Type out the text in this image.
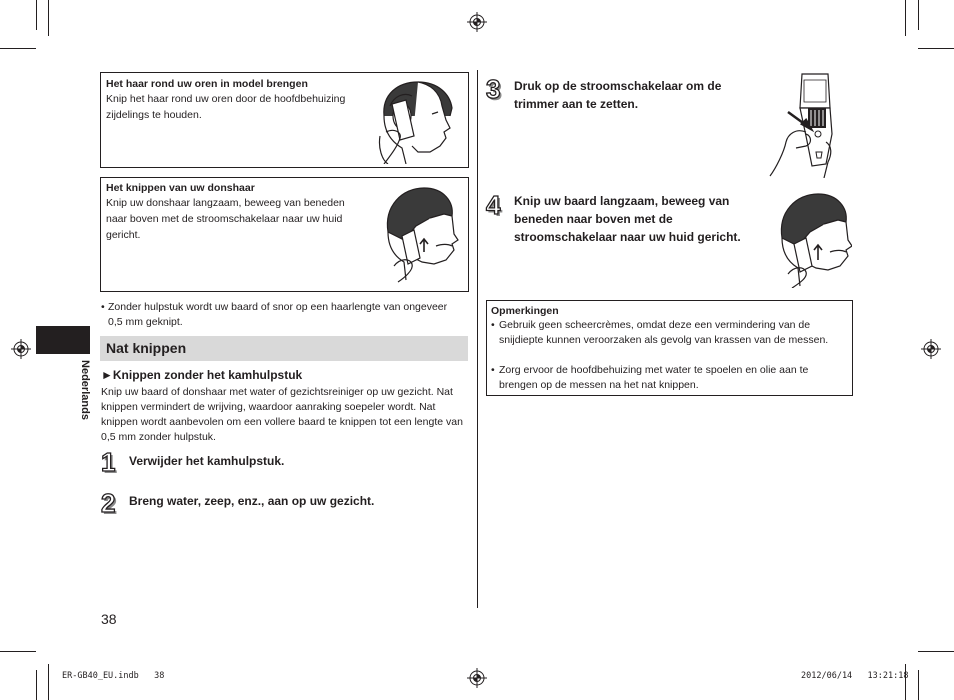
Nederlands
Het haar rond uw oren in model brengen
Knip het haar rond uw oren door de hoofdbehuizing zijdelings te houden.
Het knippen van uw donshaar
Knip uw donshaar langzaam, beweeg van beneden naar boven met de stroomschakelaar naar uw huid gericht.
• Zonder hulpstuk wordt uw baard of snor op een haarlengte van ongeveer 0,5 mm geknipt.
Nat knippen
►Knippen zonder het kamhulpstuk
Knip uw baard of donshaar met water of gezichtsreiniger op uw gezicht. Nat knippen vermindert de wrijving, waardoor aanraking soepeler wordt. Nat knippen wordt aanbevolen om een vollere baard te knippen tot een lengte van 0,5 mm zonder hulpstuk.
1 Verwijder het kamhulpstuk.
2 Breng water, zeep, enz., aan op uw gezicht.
38
3 Druk op de stroomschakelaar om de trimmer aan te zetten.
4 Knip uw baard langzaam, beweeg van beneden naar boven met de stroomschakelaar naar uw huid gericht.
Opmerkingen
• Gebruik geen scheercrèmes, omdat deze een vermindering van de snijdiepte kunnen veroorzaken als gevolg van krassen van de messen.
• Zorg ervoor de hoofdbehuizing met water te spoelen en olie aan te brengen op de messen na het nat knippen.
ER-GB40_EU.indb   38	2012/06/14   13:21:18
